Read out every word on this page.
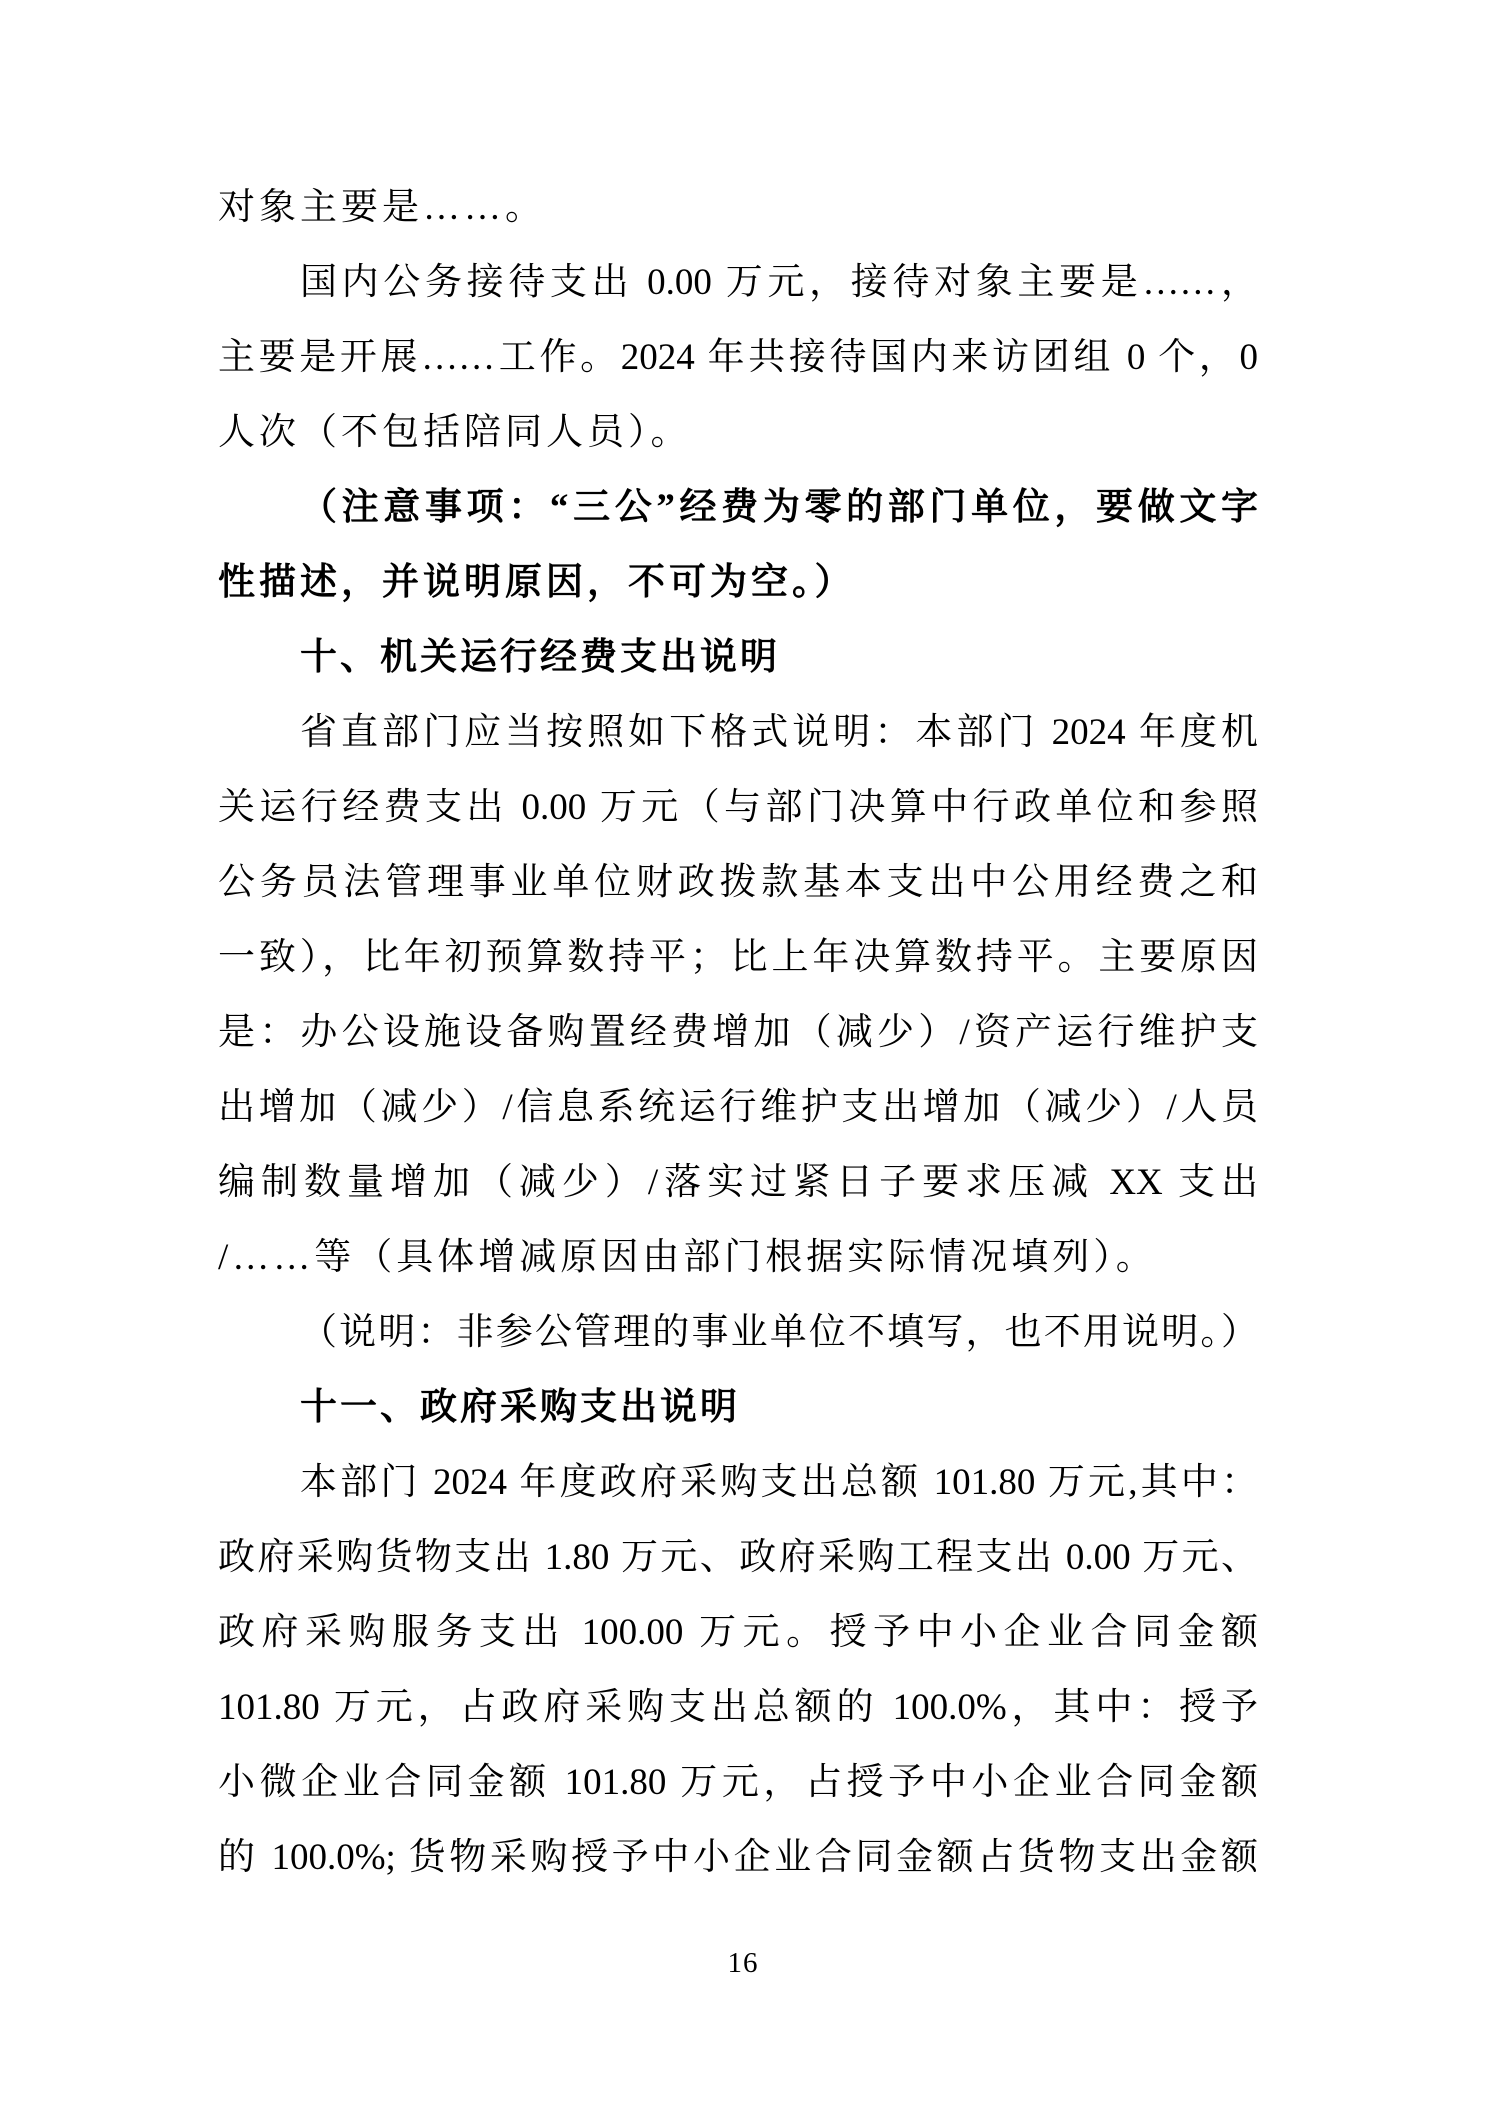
对象主要是……。
国内公务接待支出 0.00 万元，接待对象主要是……，
主要是开展……工作。2024 年共接待国内来访团组 0 个，0
人次（不包括陪同人员）。
（注意事项：“三公”经费为零的部门单位，要做文字
性描述，并说明原因，不可为空。）
十、机关运行经费支出说明
省直部门应当按照如下格式说明：本部门 2024 年度机
关运行经费支出 0.00 万元（与部门决算中行政单位和参照
公务员法管理事业单位财政拨款基本支出中公用经费之和
一致），比年初预算数持平；比上年决算数持平。主要原因
是：办公设施设备购置经费增加（减少）/资产运行维护支
出增加（减少）/信息系统运行维护支出增加（减少）/人员
编制数量增加（减少）/落实过紧日子要求压减 XX 支出
/……等（具体增减原因由部门根据实际情况填列）。
（说明：非参公管理的事业单位不填写，也不用说明。）
十一、政府采购支出说明
本部门 2024 年度政府采购支出总额 101.80 万元,其中：
政府采购货物支出 1.80 万元、政府采购工程支出 0.00 万元、
政府采购服务支出 100.00 万元。授予中小企业合同金额
101.80 万元，占政府采购支出总额的 100.0%，其中：授予
小微企业合同金额 101.80 万元，占授予中小企业合同金额
的 100.0%; 货物采购授予中小企业合同金额占货物支出金额
16
